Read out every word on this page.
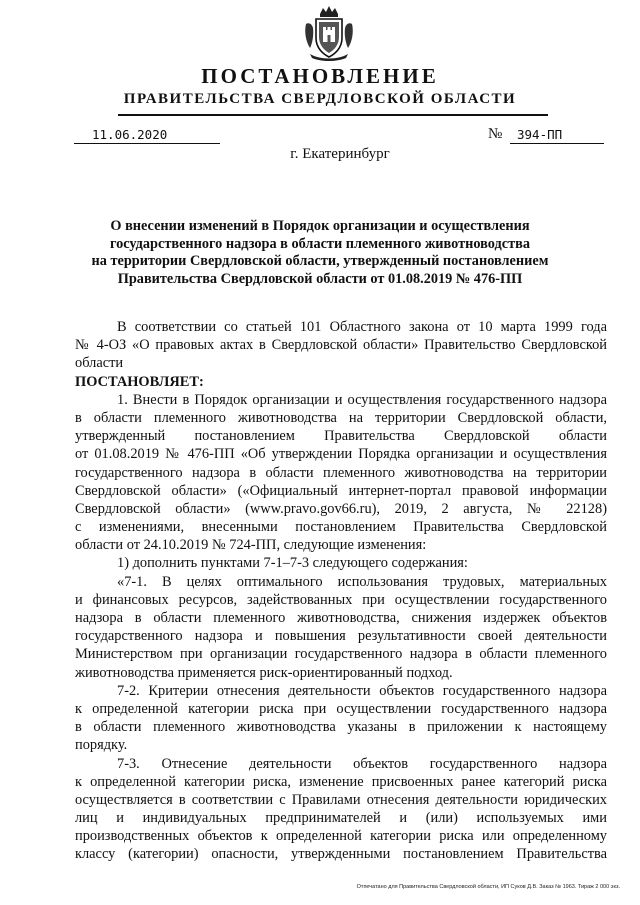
ПОСТАНОВЛЕНИЕ
ПРАВИТЕЛЬСТВА СВЕРДЛОВСКОЙ ОБЛАСТИ
11.06.2020	№ 394-ПП
г. Екатеринбург
О внесении изменений в Порядок организации и осуществления
государственного надзора в области племенного животноводства
на территории Свердловской области, утвержденный постановлением
Правительства Свердловской области от 01.08.2019 № 476-ПП
В соответствии со статьей 101 Областного закона от 10 марта 1999 года
№ 4-ОЗ «О правовых актах в Свердловской области» Правительство Свердловской
области
ПОСТАНОВЛЯЕТ:
1. Внести в Порядок организации и осуществления государственного надзора
в области племенного животноводства на территории Свердловской области,
утвержденный постановлением Правительства Свердловской области
от 01.08.2019 № 476-ПП «Об утверждении Порядка организации и осуществления
государственного надзора в области племенного животноводства на территории
Свердловской области» («Официальный интернет-портал правовой информации
Свердловской области» (www.pravo.gov66.ru), 2019, 2 августа, № 22128)
с изменениями, внесенными постановлением Правительства Свердловской
области от 24.10.2019 № 724-ПП, следующие изменения:
1) дополнить пунктами 7-1–7-3 следующего содержания:
«7-1. В целях оптимального использования трудовых, материальных
и финансовых ресурсов, задействованных при осуществлении государственного
надзора в области племенного животноводства, снижения издержек объектов
государственного надзора и повышения результативности своей деятельности
Министерством при организации государственного надзора в области племенного
животноводства применяется риск-ориентированный подход.
7-2. Критерии отнесения деятельности объектов государственного надзора
к определенной категории риска при осуществлении государственного надзора
в области племенного животноводства указаны в приложении к настоящему
порядку.
7-3. Отнесение деятельности объектов государственного надзора
к определенной категории риска, изменение присвоенных ранее категорий риска
осуществляется в соответствии с Правилами отнесения деятельности юридических
лиц и индивидуальных предпринимателей и (или) используемых ими
производственных объектов к определенной категории риска или определенному
классу (категории) опасности, утвержденными постановлением Правительства
Отпечатано для Правительства Свердловской области, ИП Суков Д.В. Заказ № 1963. Тираж 2 000 экз.
